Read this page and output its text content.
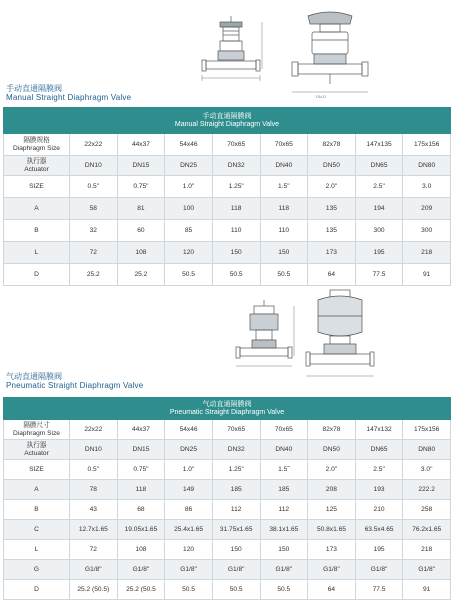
DN-D
手动直通隔膜阀
Manual Straight Diaphragm Valve
手动直通隔膜阀
Manual Straight Diaphragm Valve								

隔膜规格
Diaphragm Size	22x22	44x37	54x46	70x65	70x65	82x78	147x135	175x156

执行器
Actuator	DN10	DN15	DN25	DN32	DN40	DN50	DN65	DN80

SIZE	0.5"	0.75"	1.0"	1.25"	1.5"	2.0"	2.5"	3.0

A	58	81	100	118	118	135	194	209

B	32	60	85	110	110	135	300	300

L	72	108	120	150	150	173	195	218

D	25.2	25.2	50.5	50.5	50.5	64	77.5	91
气动直通隔膜阀
Pneumatic Straight Diaphragm Valve
气动直通隔膜阀
Pneumatic Straight Diaphragm Valve								

隔膜尺寸
Diaphragm Size	22x22	44x37	54x46	70x65	70x65	82x78	147x132	175x156

执行器
Actuator	DN10	DN15	DN25	DN32	DN40	DN50	DN65	DN80

SIZE	0.5"	0.75"	1.0"	1.25"	1.5˝	2.0"	2.5"	3.0"

A	78	118	149	185	185	208	193	222.2

B	43	68	86	112	112	125	210	258

C	12.7x1.65	19.05x1.65	25.4x1.65	31.75x1.65	38.1x1.65	50.8x1.65	63.5x4.65	76.2x1.65

L	72	108	120	150	150	173	195	218

G	G1/8"	G1/8"	G1/8"	G1/8"	G1/8"	G1/8"	G1/8"	G1/8"

D	25.2 (50.5)	25.2 (50.5	50.5	50.5	50.5	64	77.5	91
